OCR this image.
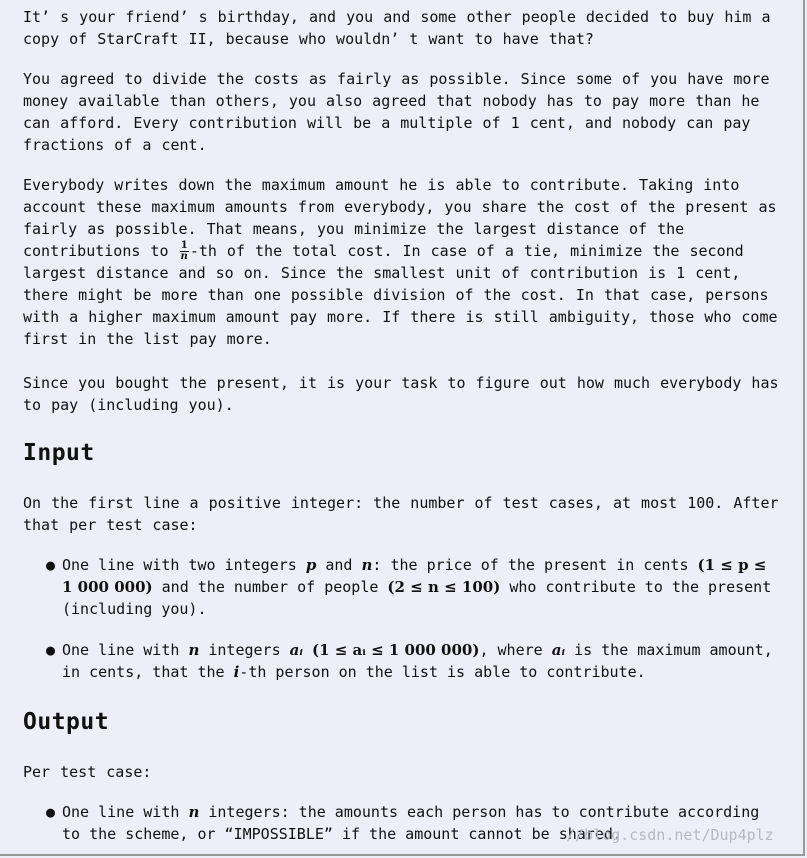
It’ s your friend’ s birthday, and you and some other people decided to buy him a copy of StarCraft II, because who wouldn’ t want to have that?
You agreed to divide the costs as fairly as possible. Since some of you have more money available than others, you also agreed that nobody has to pay more than he can afford. Every contribution will be a multiple of 1 cent, and nobody can pay fractions of a cent.
Everybody writes down the maximum amount he is able to contribute. Taking into account these maximum amounts from everybody, you share the cost of the present as fairly as possible. That means, you minimize the largest distance of the contributions to $\frac{1}{n} -th$ of the total cost. In case of a tie, minimize the second largest distance and so on. Since the smallest unit of contribution is 1 cent, there might be more than one possible division of the cost. In that case, persons with a higher maximum amount pay more. If there is still ambiguity, those who come first in the list pay more.
Since you bought the present, it is your task to figure out how much everybody has to pay (including you).
Input
On the first line a positive integer: the number of test cases, at most 100. After that per test case:
● One line with two integers p and n: the price of the present in cents (1 ≤ p ≤ 1 000 000) and the number of people (2 ≤ n ≤ 100) who contribute to the present (including you).
● One line with n integers aᵢ (1 ≤ aᵢ ≤ 1 000 000), where aᵢ is the maximum amount, in cents, that the i-th person on the list is able to contribute.
Output
Per test case:
● One line with n integers: the amounts each person has to contribute according to the scheme, or “IMPOSSIBLE” if the amount cannot be shared.
//blog.csdn.net/Dup4plz
